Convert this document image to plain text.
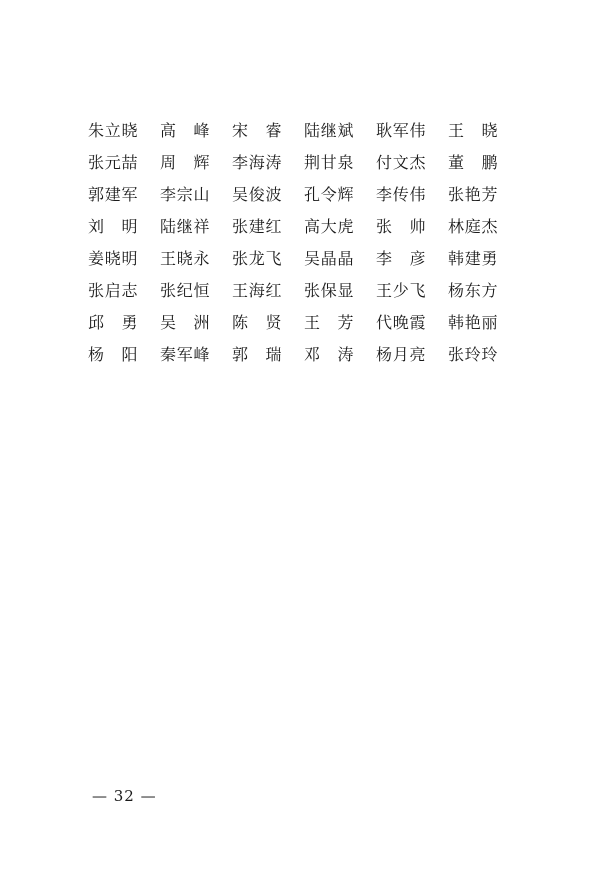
朱立晓	高　峰	宋　睿	陆继斌	耿军伟	王　晓
张元喆	周　辉	李海涛	荆甘泉	付文杰	董　鹏
郭建军	李宗山	吴俊波	孔令辉	李传伟	张艳芳
刘　明	陆继祥	张建红	高大虎	张　帅	林庭杰
姜晓明	王晓永	张龙飞	吴晶晶	李　彦	韩建勇
张启志	张纪恒	王海红	张保显	王少飞	杨东方
邱　勇	吴　洲	陈　贤	王　芳	代晚霞	韩艳丽
杨　阳	秦军峰	郭　瑞	邓　涛	杨月亮	张玲玲
— 32 —
